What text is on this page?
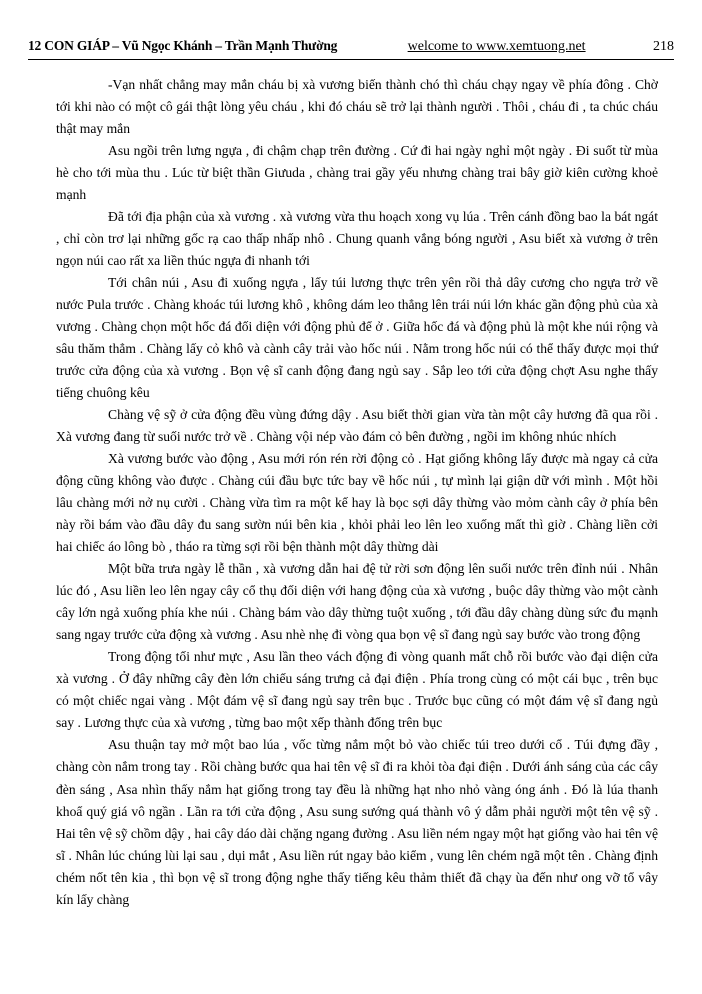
12 CON GIÁP – Vũ Ngọc Khánh – Trần Mạnh Thường	welcome to www.xemtuong.net	218

-Vạn nhất chẳng may mắn cháu bị xà vương biến thành chó thì cháu chạy ngay về phía đông . Chờ tới khi nào có một cô gái thật lòng yêu cháu , khi đó cháu sẽ trở lại thành người . Thôi , cháu đi , ta chúc cháu thật may mắn

Asu ngồi trên lưng ngựa , đi chậm chạp trên đường . Cứ đi hai ngày nghỉ một ngày . Đi suốt từ mùa hè cho tới mùa thu . Lúc từ biệt thần Giưuda , chàng trai gầy yếu nhưng chàng trai bây giờ kiên cường khoẻ mạnh

Đã tới địa phận của xà vương . xà vương vừa thu hoạch xong vụ lúa . Trên cánh đồng bao la bát ngát , chỉ còn trơ lại những gốc rạ cao thấp nhấp nhô . Chung quanh vắng bóng người , Asu biết xà vương ở trên ngọn núi cao rất xa liền thúc ngựa đi nhanh tới

Tới chân núi , Asu đi xuống ngựa , lấy túi lương thực trên yên rồi thả dây cương cho ngựa trở về nước Pula trước . Chàng khoác túi lương khô , không dám leo thẳng lên trái núi lớn khác gần động phủ của xà vương . Chàng chọn một hốc đá đối diện với động phủ để ở . Giữa hốc đá và động phủ là một khe núi rộng và sâu thăm thẳm . Chàng lấy cỏ khô và cành cây trải vào hốc núi . Nằm trong hốc núi có thể thấy được mọi thứ trước cửa động của xà vương . Bọn vệ sĩ canh động đang ngủ say . Sắp leo tới cửa động chợt Asu nghe thấy tiếng chuông kêu

Chàng vệ sỹ ở cửa động đều vùng đứng dậy . Asu biết thời gian vừa tàn một cây hương đã qua rồi . Xà vương đang từ suối nước trở về . Chàng vội nép vào đám cỏ bên đường , ngồi im không nhúc nhích

Xà vương bước vào động , Asu mới rón rén rời động cỏ . Hạt giống không lấy được mà ngay cả cửa động cũng không vào được . Chàng cúi đầu bực tức bay về hốc núi , tự mình lại giận dữ với mình . Một hồi lâu chàng mới nở nụ cười . Chàng vừa tìm ra một kế hay là bọc sợi dây thừng vào mỏm cành cây ở phía bên này rồi bám vào đầu dây đu sang sườn núi bên kia , khỏi phải leo lên leo xuống mất thì giờ . Chàng liền cởi hai chiếc áo lông bò , tháo ra từng sợi rồi bện thành một dây thừng dài

Một bữa trưa ngày lễ thần , xà vương dẫn hai đệ tử rời sơn động lên suối nước trên đỉnh núi . Nhân lúc đó , Asu liền leo lên ngay cây cổ thụ đối diện với hang động của xà vương , buộc dây thừng vào một cành cây lớn ngả xuống phía khe núi . Chàng bám vào dây thừng tuột xuống , tới đầu dây chàng dùng sức đu mạnh sang ngay trước cửa động xà vương . Asu nhè nhẹ đi vòng qua bọn vệ sĩ đang ngủ say bước vào trong động

Trong động tối như mực , Asu lần theo vách động đi vòng quanh mất chỗ rồi bước vào đại diện cửa xà vương . Ở đây những cây đèn lớn chiếu sáng trưng cả đại điện . Phía trong cùng có một cái bục , trên bục có một chiếc ngai vàng . Một đám vệ sĩ đang ngủ say trên bục . Trước bục cũng có một đám vệ sĩ đang ngủ say . Lương thực của xà vương , từng bao một xếp thành đống trên bục

Asu thuận tay mở một bao lúa , vốc từng nắm một bỏ vào chiếc túi treo dưới cổ . Túi đựng đầy , chàng còn nắm trong tay . Rồi chàng bước qua hai tên vệ sĩ đi ra khỏi tòa đại điện . Dưới ánh sáng của các cây đèn sáng , Asa nhìn thấy nắm hạt giống trong tay đều là những hạt nho nhỏ vàng óng ánh . Đó là lúa thanh khoẩ quý giá vô ngần . Lần ra tới cửa động , Asu sung sướng quá thành vô ý dẫm phải người một tên vệ sỹ . Hai tên vệ sỹ chồm dậy , hai cây dáo dài chặng ngang đường . Asu liền ném ngay một hạt giống vào hai tên vệ sĩ . Nhân lúc chúng lùi lại sau , dụi mắt , Asu liền rút ngay bảo kiểm , vung lên chém ngã một tên . Chàng định chém nốt tên kia , thì bọn vệ sĩ trong động nghe thấy tiếng kêu thảm thiết đã chạy ùa đến như ong vỡ tổ vây kín lấy chàng
